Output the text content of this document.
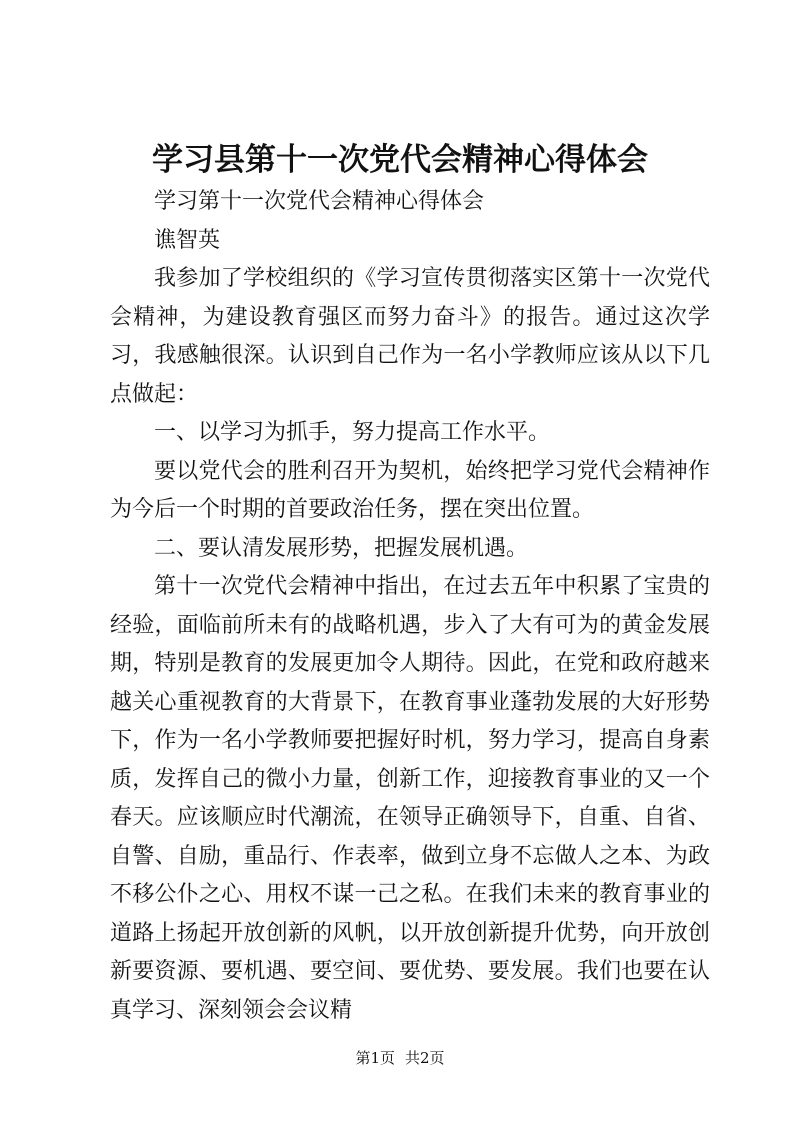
学习县第十一次党代会精神心得体会

学习第十一次党代会精神心得体会

谯智英

我参加了学校组织的《学习宣传贯彻落实区第十一次党代会精神，为建设教育强区而努力奋斗》的报告。通过这次学习，我感触很深。认识到自己作为一名小学教师应该从以下几点做起：

一、以学习为抓手，努力提高工作水平。

要以党代会的胜利召开为契机，始终把学习党代会精神作为今后一个时期的首要政治任务，摆在突出位置。

二、要认清发展形势，把握发展机遇。

第十一次党代会精神中指出，在过去五年中积累了宝贵的经验，面临前所未有的战略机遇，步入了大有可为的黄金发展期，特别是教育的发展更加令人期待。因此，在党和政府越来越关心重视教育的大背景下，在教育事业蓬勃发展的大好形势下，作为一名小学教师要把握好时机，努力学习，提高自身素质，发挥自己的微小力量，创新工作，迎接教育事业的又一个春天。应该顺应时代潮流，在领导正确领导下，自重、自省、自警、自励，重品行、作表率，做到立身不忘做人之本、为政不移公仆之心、用权不谋一己之私。在我们未来的教育事业的道路上扬起开放创新的风帆，以开放创新提升优势，向开放创新要资源、要机遇、要空间、要优势、要发展。我们也要在认真学习、深刻领会会议精

第1页 共2页
